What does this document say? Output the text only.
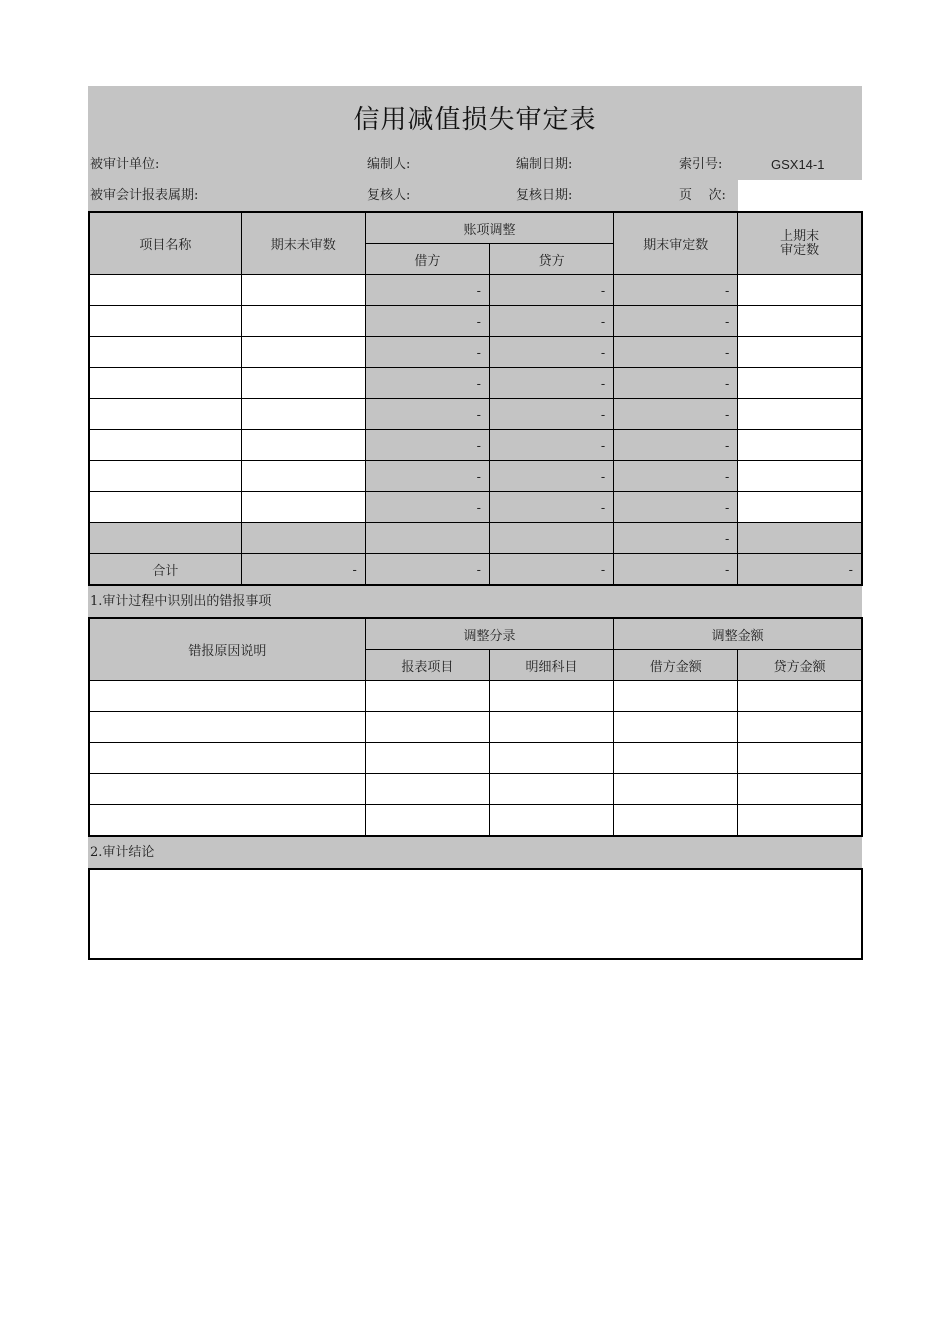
信用减值损失审定表
被审计单位:	编制人:	编制日期:	索引号:	GSX14-1
被审会计报表属期:	复核人:	复核日期:	页    次:
项目名称	期末未审数	账项调整		期末审定数	上期末
审定数

		借方	贷方		
		-	-	-	
		-	-	-	
		-	-	-	
		-	-	-	
		-	-	-	
		-	-	-	
		-	-	-	
		-	-	-	
				-	
合计	-	-	-	-	-
1.审计过程中识别出的错报事项
错报原因说明	调整分录		调整金额	
	报表项目	明细科目	借方金额	贷方金额

2.审计结论
